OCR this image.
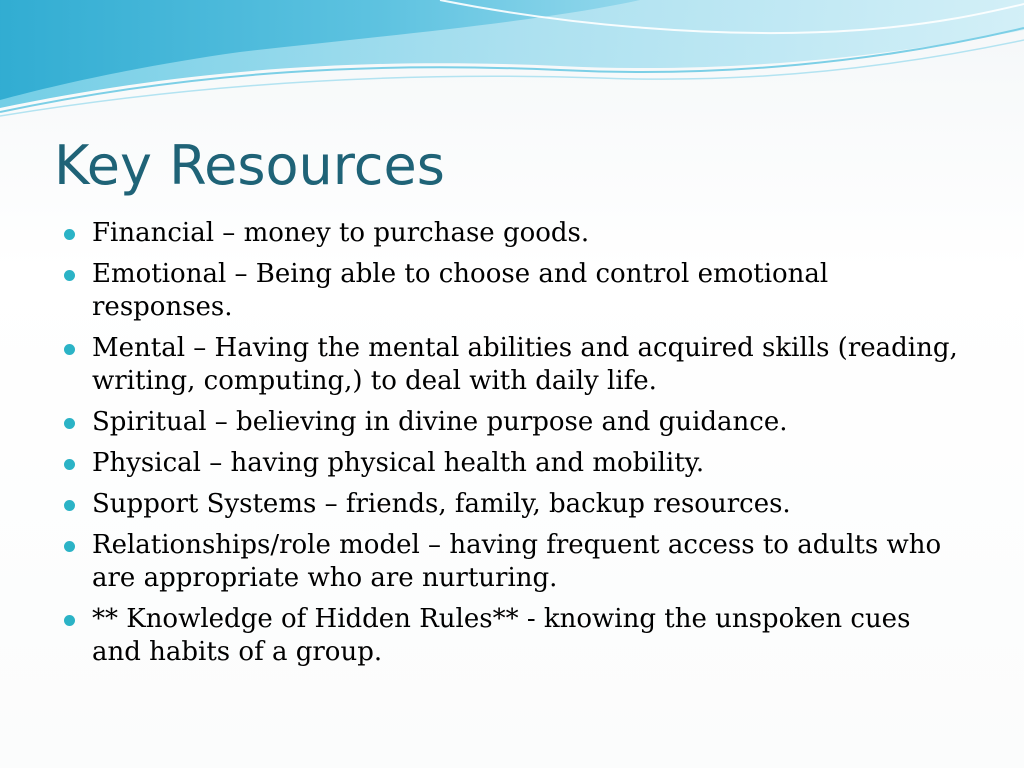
Key Resources
Financial – money to purchase goods.
Emotional – Being able to choose and control emotional responses.
Mental – Having the mental abilities and acquired skills (reading, writing, computing,) to deal with daily life.
Spiritual – believing in divine purpose and guidance.
Physical – having physical health and mobility.
Support Systems – friends, family, backup resources.
Relationships/role model – having frequent access to adults who are appropriate who are nurturing.
** Knowledge of Hidden Rules** - knowing the unspoken cues and habits of a group.
